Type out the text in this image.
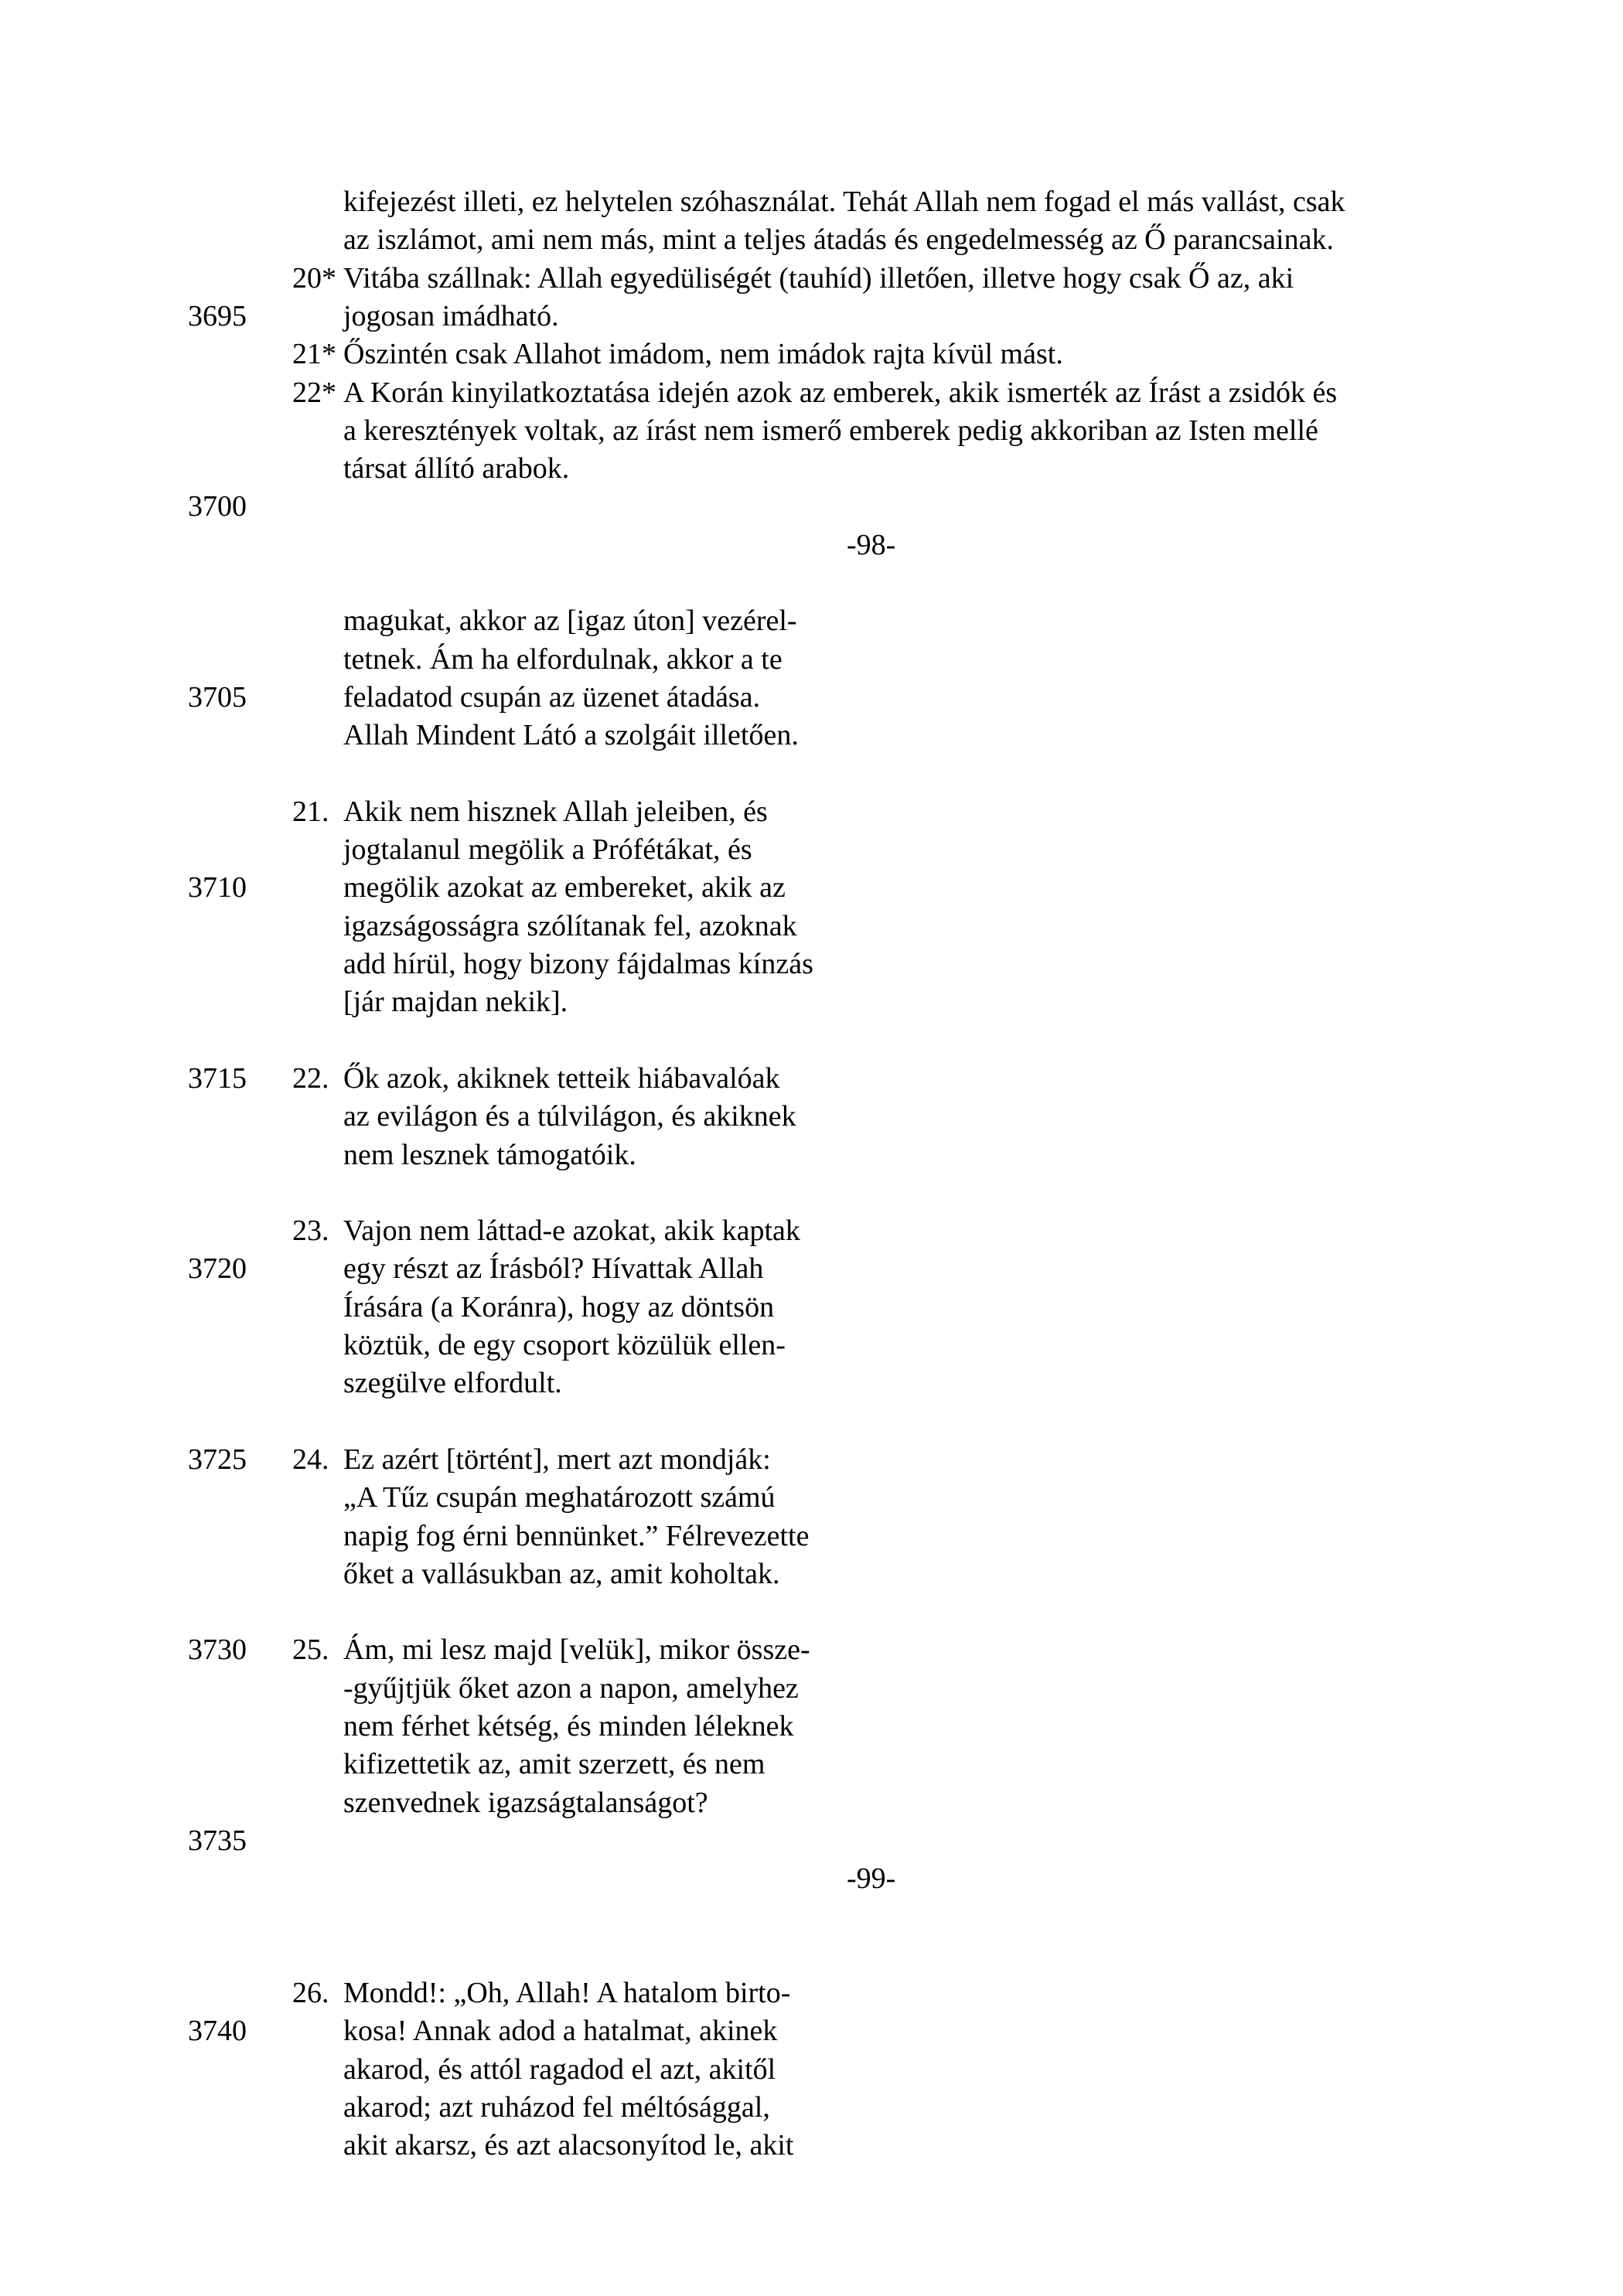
kifejezést illeti, ez helytelen szóhasználat. Tehát Allah nem fogad el más vallást, csak
az iszlámot, ami nem más, mint a teljes átadás és engedelmesség az Ő parancsainak.
20* Vitába szállnak: Allah egyedüliségét (tauhíd) illetően, illetve hogy csak Ő az, aki
3695	jogosan imádható.
21* Őszintén csak Allahot imádom, nem imádok rajta kívül mást.
22* A Korán kinyilatkoztatása idején azok az emberek, akik ismerték az Írást a zsidók és
a keresztények voltak, az írást nem ismerő emberek pedig akkoriban az Isten mellé
társat állító arabok.
3700
-98-
magukat, akkor az [igaz úton] vezérel-
tetnek. Ám ha elfordulnak, akkor a te
3705	feladatod csupán az üzenet átadása.
Allah Mindent Látó a szolgáit illetően.
21. Akik nem hisznek Allah jeleiben, és
jogtalanul megölik a Prófétákat, és
3710	megölik azokat az embereket, akik az
igazságosságra szólítanak fel, azoknak
add hírül, hogy bizony fájdalmas kínzás
[jár majdan nekik].
3715 22. Ők azok, akiknek tetteik hiábavalóak
az evilágon és a túlvilágon, és akiknek
nem lesznek támogatóik.
23. Vajon nem láttad-e azokat, akik kaptak
3720	egy részt az Írásból? Hívattak Allah
Írására (a Koránra), hogy az döntsön
köztük, de egy csoport közülük ellen-
szegülve elfordult.
3725 24. Ez azért [történt], mert azt mondják:
„A Tűz csupán meghatározott számú
napig fog érni bennünket.” Félrevezette
őket a vallásukban az, amit koholtak.
3730 25. Ám, mi lesz majd [velük], mikor össze-
-gyűjtjük őket azon a napon, amelyhez
nem férhet kétség, és minden léleknek
kifizettetik az, amit szerzett, és nem
szenvednek igazságtalanságot?
3735
-99-
26. Mondd!: „Oh, Allah! A hatalom birto-
3740	kosa! Annak adod a hatalmat, akinek
akarod, és attól ragadod el azt, akitől
akarod; azt ruházod fel méltósággal,
akit akarsz, és azt alacsonyítod le, akit
